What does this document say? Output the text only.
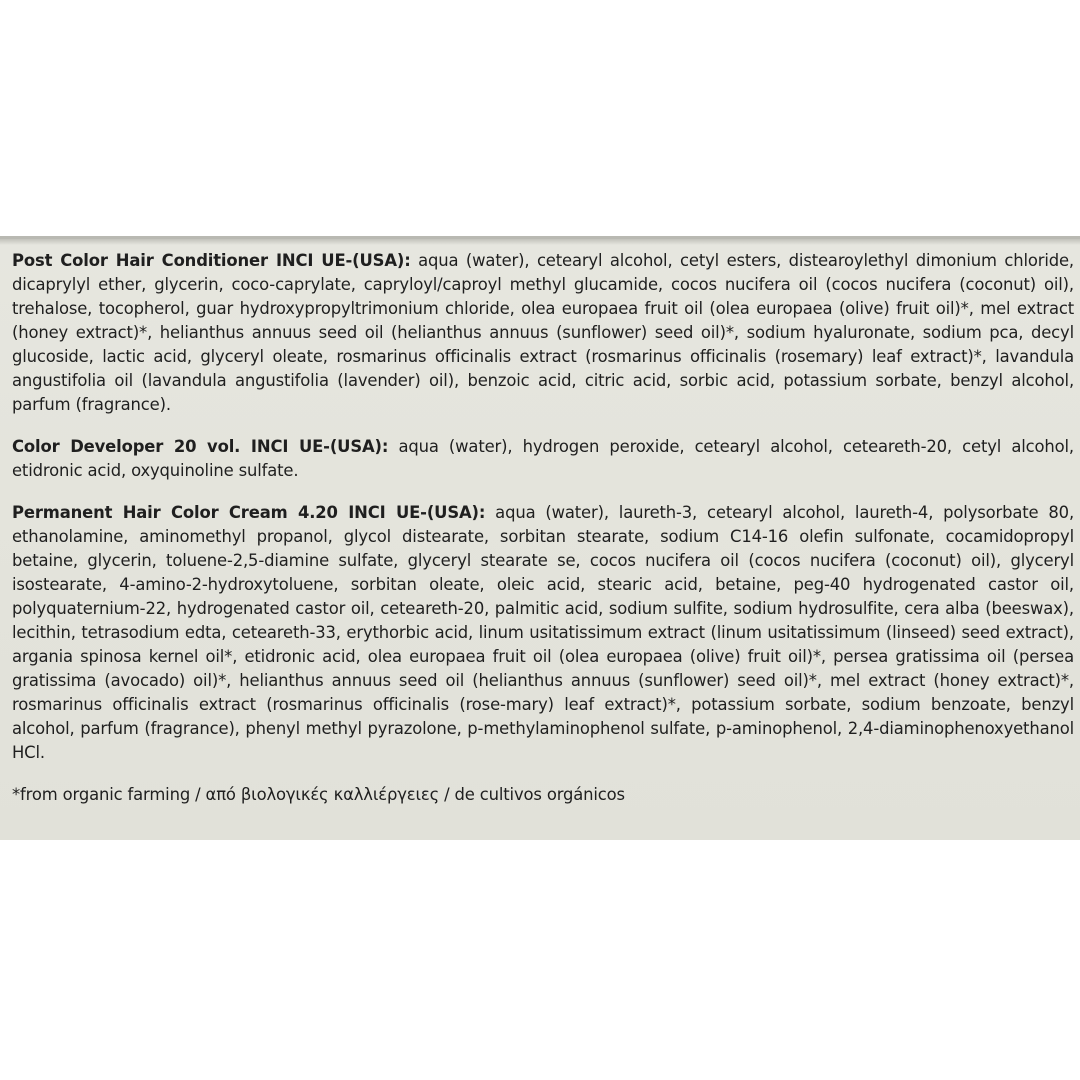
Post Color Hair Conditioner INCI UE-(USA): aqua (water), cetearyl alcohol, cetyl esters, distearoylethyl dimonium chloride, dicaprylyl ether, glycerin, coco-caprylate, capryloyl/caproyl methyl glucamide, cocos nucifera oil (cocos nucifera (coconut) oil), trehalose, tocopherol, guar hydroxypropyltrimonium chloride, olea europaea fruit oil (olea europaea (olive) fruit oil)*, mel extract (honey extract)*, helianthus annuus seed oil (helianthus annuus (sunflower) seed oil)*, sodium hyaluronate, sodium pca, decyl glucoside, lactic acid, glyceryl oleate, rosmarinus officinalis extract (rosmarinus officinalis (rosemary) leaf extract)*, lavandula angustifolia oil (lavandula angustifolia (lavender) oil), benzoic acid, citric acid, sorbic acid, potassium sorbate, benzyl alcohol, parfum (fragrance).

Color Developer 20 vol. INCI UE-(USA): aqua (water), hydrogen peroxide, cetearyl alcohol, ceteareth-20, cetyl alcohol, etidronic acid, oxyquinoline sulfate.

Permanent Hair Color Cream 4.20 INCI UE-(USA): aqua (water), laureth-3, cetearyl alcohol, laureth-4, polysorbate 80, ethanolamine, aminomethyl propanol, glycol distearate, sorbitan stearate, sodium C14-16 olefin sulfonate, cocamidopropyl betaine, glycerin, toluene-2,5-diamine sulfate, glyceryl stearate se, cocos nucifera oil (cocos nucifera (coconut) oil), glyceryl isostearate, 4-amino-2-hydroxytoluene, sorbitan oleate, oleic acid, stearic acid, betaine, peg-40 hydrogenated castor oil, polyquaternium-22, hydrogenated castor oil, ceteareth-20, palmitic acid, sodium sulfite, sodium hydrosulfite, cera alba (beeswax), lecithin, tetrasodium edta, ceteareth-33, erythorbic acid, linum usitatissimum extract (linum usitatissimum (linseed) seed extract), argania spinosa kernel oil*, etidronic acid, olea europaea fruit oil (olea europaea (olive) fruit oil)*, persea gratissima oil (persea gratissima (avocado) oil)*, helianthus annuus seed oil (helianthus annuus (sunflower) seed oil)*, mel extract (honey extract)*, rosmarinus officinalis extract (rosmarinus officinalis (rose-mary) leaf extract)*, potassium sorbate, sodium benzoate, benzyl alcohol, parfum (fragrance), phenyl methyl pyrazolone, p-methylaminophenol sulfate, p-aminophenol, 2,4-diaminophenoxyethanol HCl.

*from organic farming / από βιολογικές καλλιέργειες / de cultivos orgánicos
